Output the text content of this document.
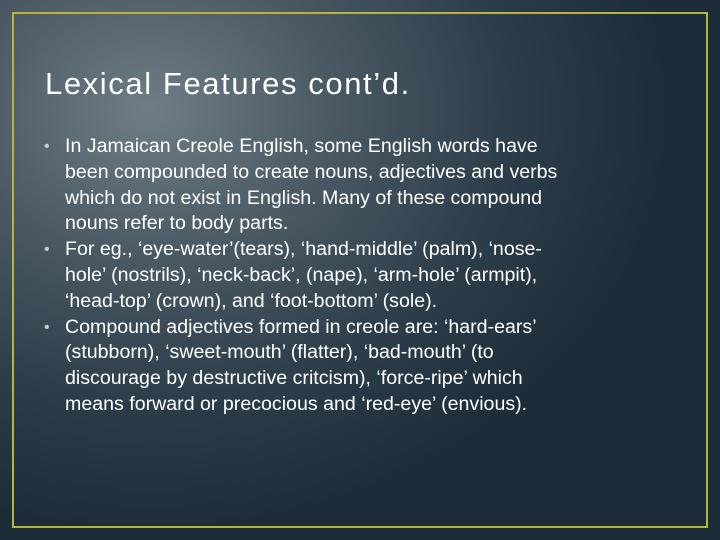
Lexical Features cont’d.
• In Jamaican Creole English, some English words have
been compounded to create nouns, adjectives and verbs
which do not exist in English. Many of these compound
nouns refer to body parts.
• For eg., ‘eye-water’(tears), ‘hand-middle’ (palm), ‘nose-
hole’ (nostrils), ‘neck-back’, (nape), ‘arm-hole’ (armpit),
‘head-top’ (crown), and ‘foot-bottom’ (sole).
• Compound adjectives formed in creole are: ‘hard-ears’
(stubborn), ‘sweet-mouth’ (flatter), ‘bad-mouth’ (to
discourage by destructive critcism), ‘force-ripe’ which
means forward or precocious and ‘red-eye’ (envious).
